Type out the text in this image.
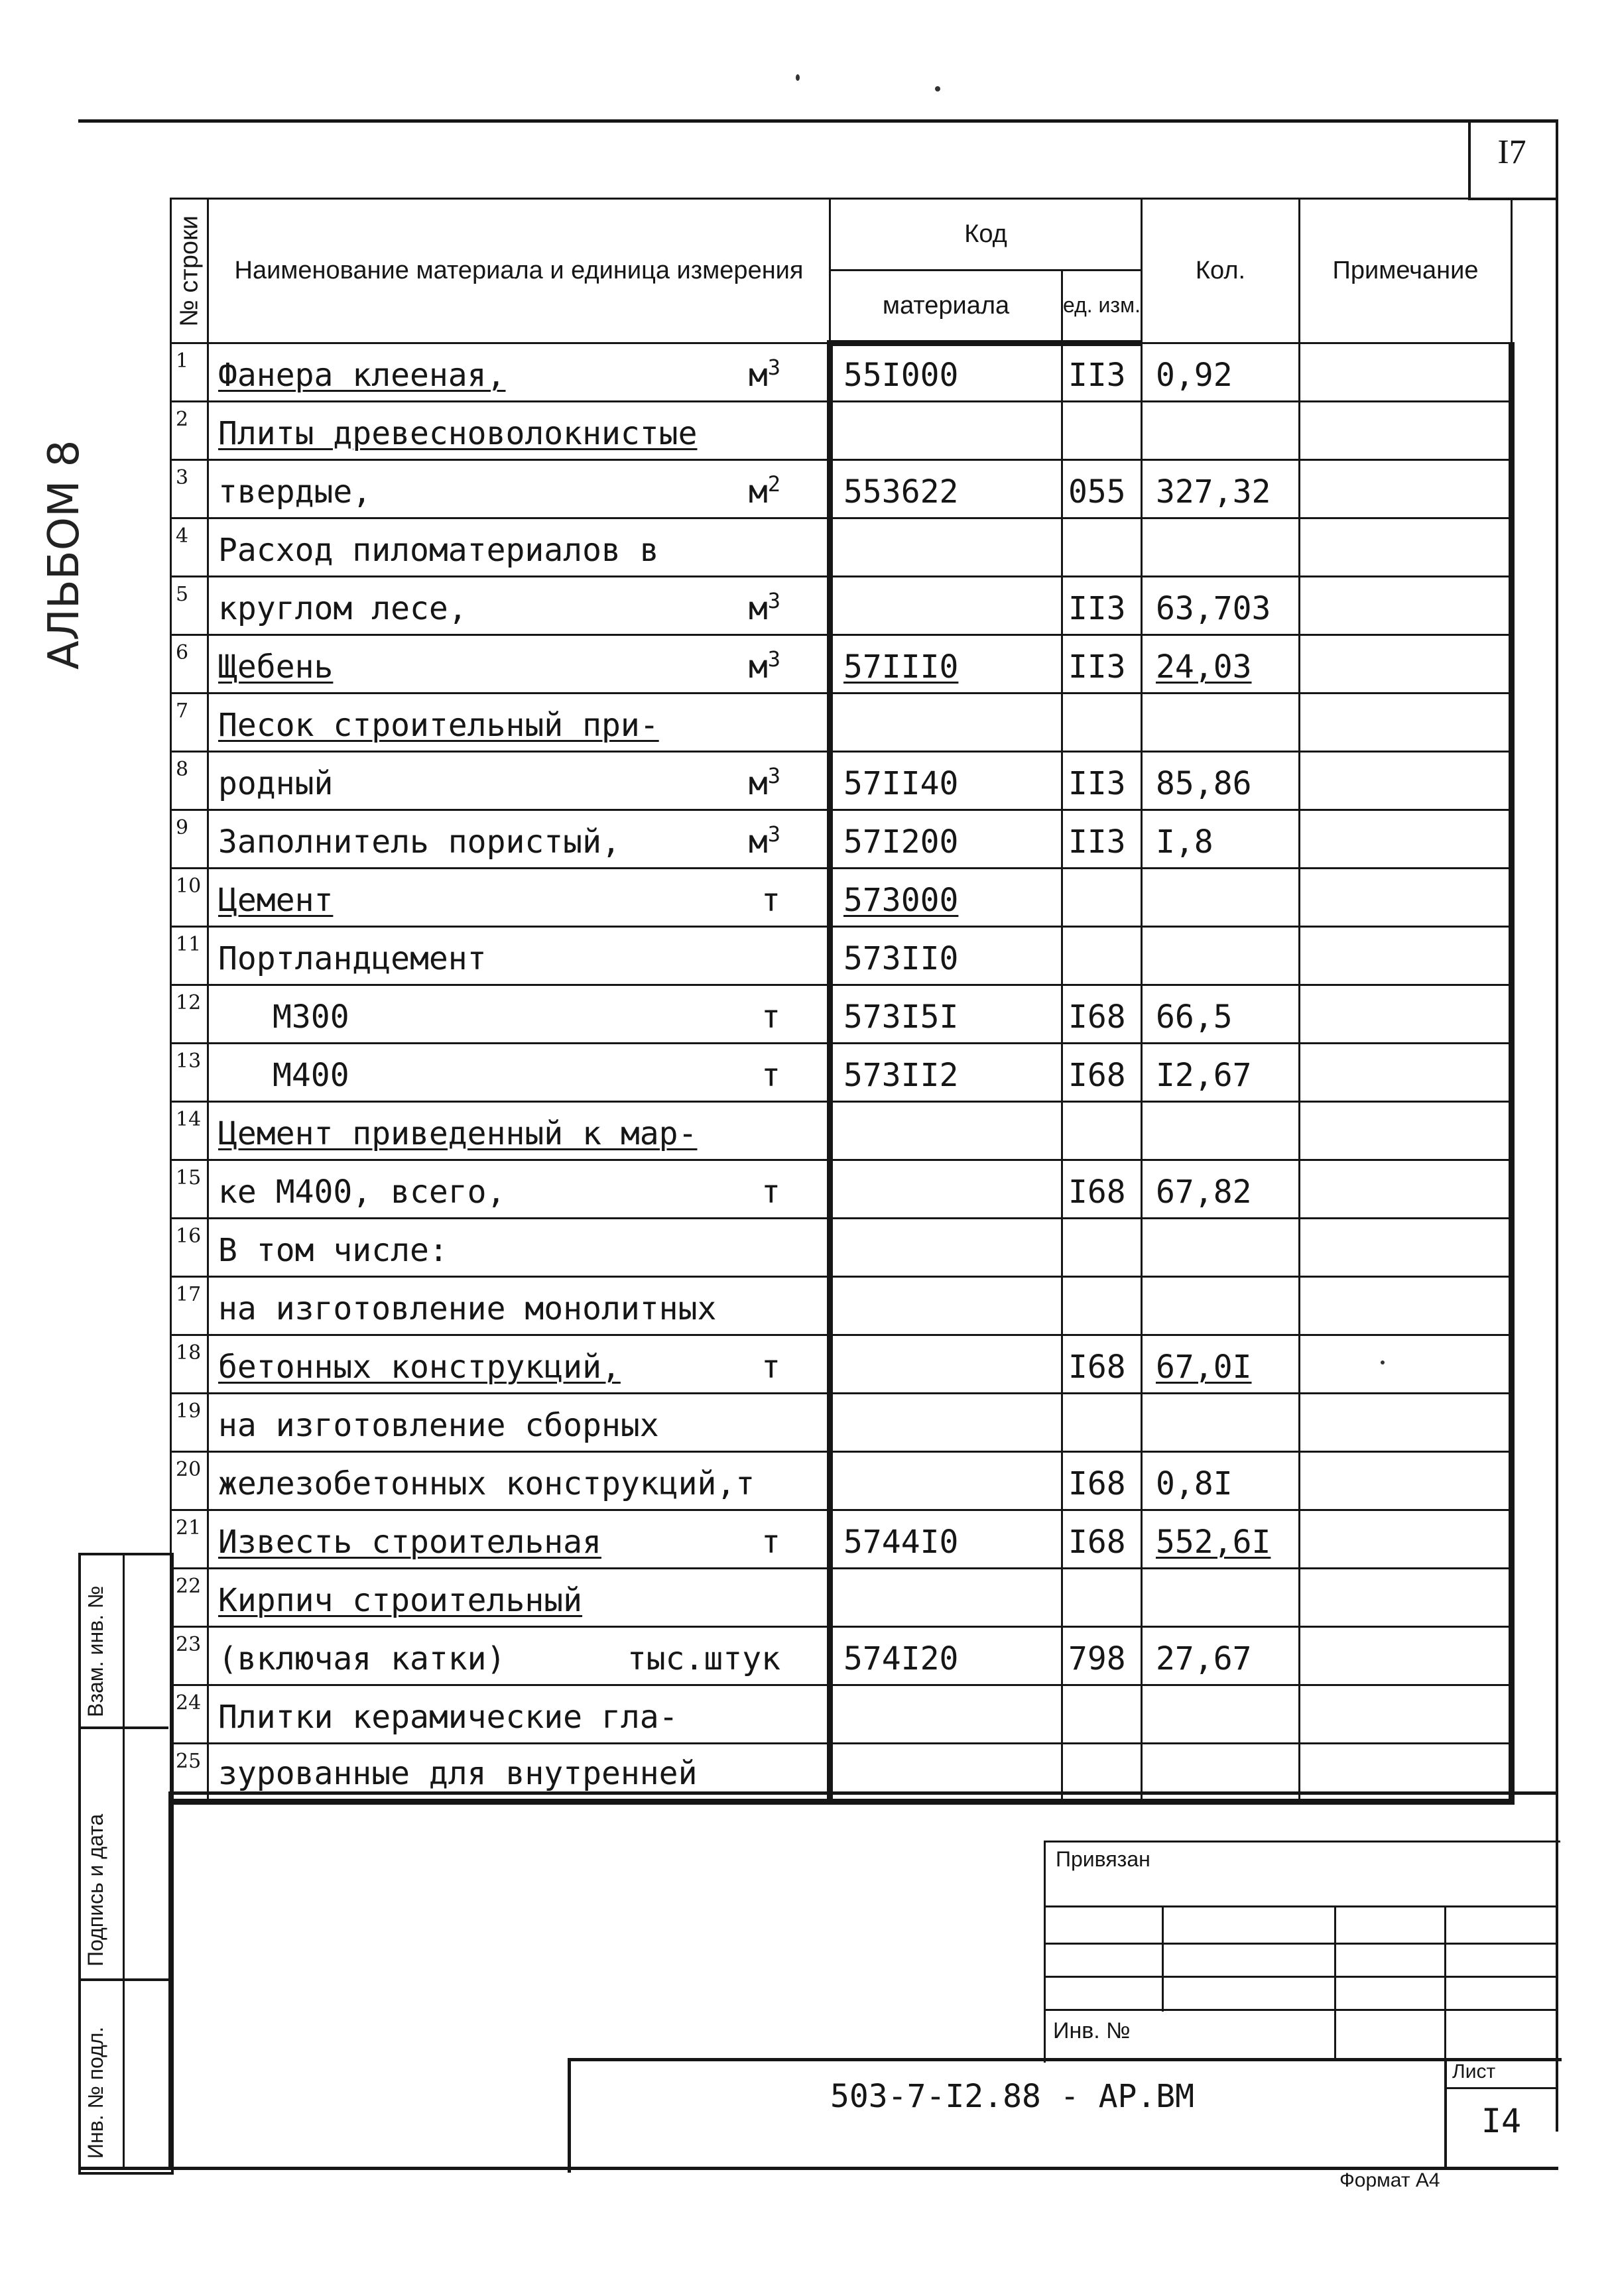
I7
АЛЬБОМ 8
№ строки	Наименование материала и единица измерения	Код		Кол.	Примечание
		материала	ед. изм.		
1	Фанера клееная, $м^3$	55I000	II3	0,92	
2	Плиты древесноволокнистые				
3	твердые, $м^2$	553622	055	327,32	
4	Расход пиломатериалов в				
5	круглом лесе, $м^3$		II3	63,703	
6	Щебень $м^3$	57III0	II3	24,03	
7	Песок строительный при-				
8	родный $м^3$	57II40	II3	85,86	
9	Заполнитель пористый, $м^3$	57I200	II3	I,8	
10	Цемент т	573000			
11	Портландцемент	573II0			
12	М300 т	573I5I	I68	66,5	
13	М400 т	573II2	I68	I2,67	
14	Цемент приведенный к мар-				
15	ке М400, всего, т		I68	67,82	
16	В том числе:				
17	на изготовление монолитных				
18	бетонных конструкций, т		I68	67,0I	
19	на изготовление сборных				
20	железобетонных конструкций,т		I68	0,8I	
21	Известь строительная т	5744I0	I68	552,6I	
22	Кирпич строительный				
23	(включая катки) тыс.штук	574I20	798	27,67	
24	Плитки керамические гла-				
25	зурованные для внутренней				
Взам. инв. №
Подпись и дата
Инв. № подл.
Привязан
Инв. №
503-7-I2.88 - АР.ВМ
Лист
I4
Формат А4
